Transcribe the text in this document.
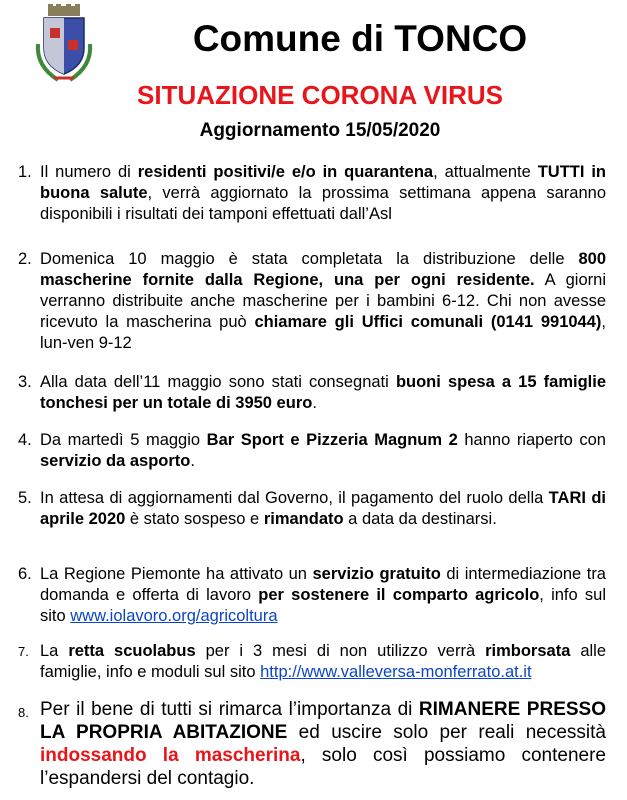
Comune di TONCO
SITUAZIONE CORONA VIRUS
Aggiornamento 15/05/2020
1. Il numero di residenti positivi/e e/o in quarantena, attualmente TUTTI in buona salute, verrà aggiornato la prossima settimana appena saranno disponibili i risultati dei tamponi effettuati dall’Asl
2. Domenica 10 maggio è stata completata la distribuzione delle 800 mascherine fornite dalla Regione, una per ogni residente. A giorni verranno distribuite anche mascherine per i bambini 6-12. Chi non avesse ricevuto la mascherina può chiamare gli Uffici comunali (0141 991044), lun-ven 9-12
3. Alla data dell’11 maggio sono stati consegnati buoni spesa a 15 famiglie tonchesi per un totale di 3950 euro.
4. Da martedì 5 maggio Bar Sport e Pizzeria Magnum 2 hanno riaperto con servizio da asporto.
5. In attesa di aggiornamenti dal Governo, il pagamento del ruolo della TARI di aprile 2020 è stato sospeso e rimandato a data da destinarsi.
6. La Regione Piemonte ha attivato un servizio gratuito di intermediazione tra domanda e offerta di lavoro per sostenere il comparto agricolo, info sul sito www.iolavoro.org/agricoltura
7. La retta scuolabus per i 3 mesi di non utilizzo verrà rimborsata alle famiglie, info e moduli sul sito http://www.valleversa-monferrato.at.it
8. Per il bene di tutti si rimarca l’importanza di RIMANERE PRESSO LA PROPRIA ABITAZIONE ed uscire solo per reali necessità indossando la mascherina, solo così possiamo contenere l’espandersi del contagio.
